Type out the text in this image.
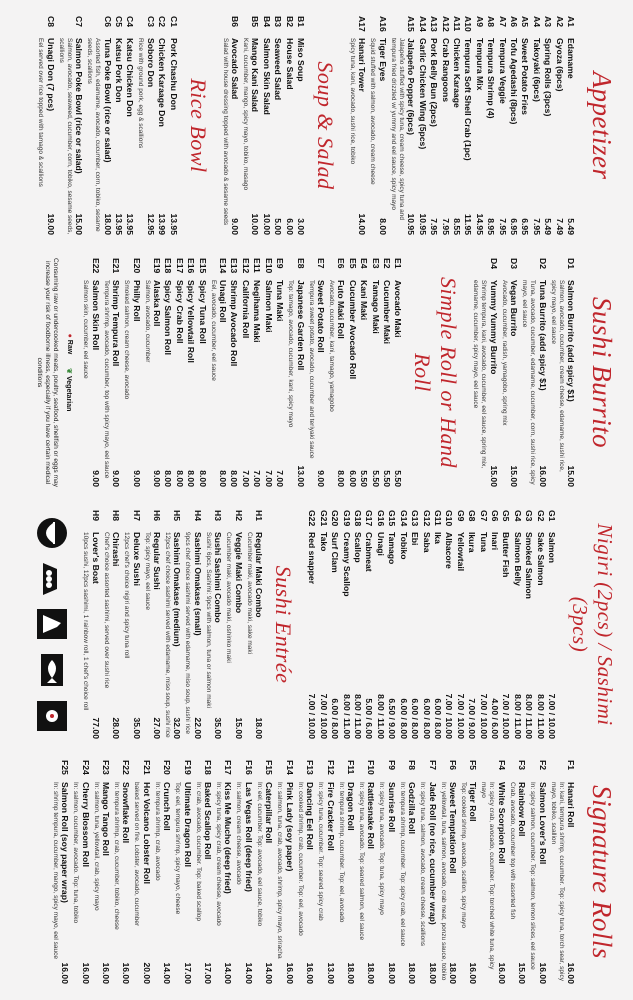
Appetizer
A1
Edamame
5.49
A2
Gyoza (6pcs)
7.49
A3
Spring Rolls (3pcs)
5.49
A4
Takoyaki (6pcs)
7.95
A5
Sweet Potato Fries
6.95
A6
Tofu Agedashi (8pcs)
6.95
A7
Tempura Veggie
7.95
A8
Tempura Shrimp (4)
8.95
A9
Tempura Mix
14.95
A10
Tempura Soft Shell Crab (1pc)
11.95
A11
Chicken Karaage
8.55
A12
Crab Rangoons
7.95
A13
Pork Belly Bun (2pcs)
7.95
A14
Garlic Chicken Wing (5pcs)
10.95
A15
Jalapeño Popper (6pcs)
10.95
Jalapeño stuffed with spicy tuna, cream cheese, spicy tuna and tempura fried drizzled w/ yummy and eel sauce, spicy mayo
A16
Tiger Eyes
8.00
Squid stuffed with salmon, avocado, cream cheese
A17
Hanari Tower
14.00
Spicy tuna, kani, avocado, sushi rice, tobiko
Soup & Salad
B1
Miso Soup
3.00
B2
House Salad
6.00
B3
Seaweed Salad
5.00
B4
Salmon Skin Salad
10.00
B5
Mango Kani Salad
10.00
Kani, cucumber, mango, spicy mayo, tobiko, masago
B6
Avocado Salad
9.00
Salad with house dressing topped with avocado & sesame seeds
Rice Bowl
C1
Pork Chashu Don
13.95
C2
Chicken Karaage Don
13.99
C3
Soboro Don
12.95
Rice with ground pork, egg & scallions
C4
Katsu Chicken Don
13.95
C5
Katsu Pork Don
13.95
C6
Tuna Poke Bowl (rice or salad)
18.00
Assorted fish, edamame, avocado, cucumber, corn, tobiko, sesame seeds, scallions
C7
Salmon Poke Bowl (rice or salad)
15.00
Salmon, avocado, seaweed, cucumber, corn, tobiko, sesame seeds, scallions
C8
Unagi Don (7 pcs)
19.00
Eel served over rice topped with tamago & scallions
Sushi Burrito
D1
Salmon Burrito (add spicy $1)
15.00
Salmon, avocado, cucumber, cream cheese, edamame, sushi rice, spicy mayo, eel sauce
D2
Tuna Burrito (add spicy $1)
16.00
Tuna, avocado, cucumber, edamame, cucumber, corn, sushi rice, spicy mayo, eel sauce
D3
Vegan Burrito
15.00
Avocado, cucumber, radish, yamagobo, spring mix
D4
Yummy Yummy Burrito
15.00
Shrimp tempura, kani, avocado, cucumber, eel sauce, spring mix, edamame, cucumber, spicy mayo, eel sauce
Simple Roll or Hand Roll
E1
Avocado Maki
5.50
E2
Cucumber Maki
5.50
E3
Tamago Maki
5.50
E4
Kani Maki
5.50
E5
Cucumber Avocado Roll
6.00
E6
Futo Maki Roll
8.00
Avocado, cucumber, kani, tamago, yamagobo
E7
Sweet Potato Roll
9.00
Tempura sweet potato, avocado, cucumber and teriyaki sauce
E8
Japanese Garden Roll
13.00
Top: tamago, avocado, cucumber, kani, spicy mayo
E9
Tuna Maki
7.00
E10
Salmon Maki
7.00
E11
Negihama Maki
7.00
E12
California Roll
7.00
E13
Shrimp Avocado Roll
8.00
E14
Unagi Roll
8.00
Eel, avocado, cucumber, eel sauce
E15
Spicy Tuna Roll
8.00
E16
Spicy Yellowtail Roll
8.00
E17
Spicy Crab Roll
8.00
E18
Spicy Salmon Roll
8.00
E19
Alaska Roll
9.00
Salmon, avocado, cucumber
E20
Philly Roll
9.00
Smoked salmon, cream cheese, avocado
E21
Shrimp Tempura Roll
9.00
Tempura shrimp, avocado, cucumber, top with spicy mayo, eel sauce
E22
Salmon Skin Roll
9.00
Salmon skin, cucumber, eel sauce
● Raw
❦ Vegetarian
Consuming raw or undercooked meats, poultry, seafood, shellfish or eggs may increase your risk of foodborne illness, especially if you have certain medical conditions
Nigiri (2pcs) / Sashimi (3pcs)
G1
Salmon
7.00 / 10.00
G2
Sake Salmon
8.00 / 11.00
G3
Smoked Salmon
8.00 / 11.00
G4
Salmon Belly
8.00 / 11.00
G5
Butter Fish
7.00 / 10.00
G6
Inari
4.00 / 6.00
G7
Tuna
7.00 / 10.00
G8
Ikura
7.00 / 9.00
G9
Yellowtail
7.00 / 10.00
G10
Albacore
7.00 / 10.00
G11
Ika
6.00 / 8.00
G12
Saba
6.00 / 8.00
G13
Ebi
6.00 / 8.00
G14
Tobiko
6.00 / 8.00
G15
Tamago
6.50 / 9.00
G16
Unagi
8.00 / 11.00
G17
Crabmeat
5.00 / 6.00
G18
Scallop
8.00 / 11.00
G19
Creamy Scallop
8.00 / 11.00
G20
Surf Clam
6.00 / 8.00
G21
Tako
7.00 / 10.00
G22
Red snapper
7.00 / 10.00
Sushi Entrée
H1
Regular Maki Combo
18.00
Cucumber maki, avocado maki, sake maki
H2
Veggie Maki Combo
15.00
Cucumber maki, avocado maki, oshinko maki
H3
Sushi Sashimi Combo
35.00
Sushi: 6pcs, Sashimi: 9pcs with salmon, tuna or salmon maki
H4
Sashimi Omakase (small)
22.00
9pcs chef choice sashimi served with edamame, miso soup, sushi rice
H5
Sashimi Omakase (medium)
32.00
12pcs chef choice sashimi served with edamame, miso soup, sushi rice
H6
Regular Sushi
27.00
Top: spicy mayo, eel sauce
H7
Deluxe Sushi
35.00
12pcs chef's choice nigiri and spicy tuna roll
H8
Chirashi
28.00
Chef's choice assorted sashimi, served over sushi rice
H9
Lover's Boat
77.00
10pcs sushi, 12pcs sashimi, 1 rainbow roll, 1 chef's choice roll
Signature Rolls
F1
Hanari Roll
16.00
In: kani, tempura shrimp, cucumber. Top: spicy tuna, torch sear, spicy mayo, tobiko, scallion
F2
Salmon Lover's Roll
16.00
In: spicy salmon, cucumber. Top: salmon, lemon slices, eel sauce
F3
Rainbow Roll
15.00
Crab, avocado, cucumber top with assorted fish
F4
White Scorpion Roll
16.00
In: spicy crab, avocado, cucumber. Top: torched white tuna, spicy mayo
F5
Tiger Roll
16.00
Top: cooked shrimp, avocado, scallion, spicy mayo
F6
Sweet Temptation Roll
18.00
In: yellowtail, tuna, salmon, avocado, crab meat, ponzu sauce, tobiko
F7
Jade Roll (no rice, cucumber wrap)
18.00
In: spicy tuna, salmon, avocado, cream cheese, scallions
F8
Godzilla Roll
18.00
In: tempura shrimp, cucumber. Top: spicy crab, eel sauce
F9
Sunrise Roll
18.00
In: spicy tuna, avocado. Top: tuna, spicy mayo
F10
Rattlesnake Roll
18.00
In: spicy tuna, avocado. Top: seared salmon, eel sauce
F11
Dragon Roll
18.00
In: tempura shrimp, cucumber. Top: eel, avocado
F12
Fire Cracker Roll
13.00
In: spicy tuna, cucumber. Top: seared spicy crab
F13
Dancing Eel Roll
16.00
In: cooked shrimp, crab, cucumber. Top: eel, avocado
F14
Pink Lady (soy paper)
16.00
In: salmon, tuna, crab, avocado, shrimp, spicy mayo, sriracha
F15
Caterpillar Roll
14.00
In: eel, cucumber. Top: avocado, eel sauce, tobiko
F16
Las Vegas Roll (deep fried)
14.00
In: salmon, cream cheese, avocado
F17
Kiss Me Mucho (deep fried)
14.00
In: spicy tuna, spicy crab, cream cheese, avocado
F18
Baked Scallop Roll
17.00
In: crab, avocado, cucumber. Top: baked scallop
F19
Ultimate Dragon Roll
17.00
Top: eel, tempura shrimp, spicy mayo, cheese
F20
Crunch Roll
14.00
In: tempura shrimp, crab, avocado
F21
Hot Volcano Lobster Roll
20.00
baked served on fire. Lobster, avocado, cucumber
F22
Snowflake Roll
16.00
In: tempura shrimp, crab, cucumber, tobiko, cheese
F23
Mango Tango Roll
16.00
In: salmon, tuna, yellowtail, crab, spicy mayo
F24
Cherry Blossom Roll
16.00
In: salmon, cucumber, avocado. Top: tuna, tobiko
F25
Salmon Roll (soy paper wrap)
16.00
In: shrimp tempura, cucumber, mango, spicy mayo, eel sauce
